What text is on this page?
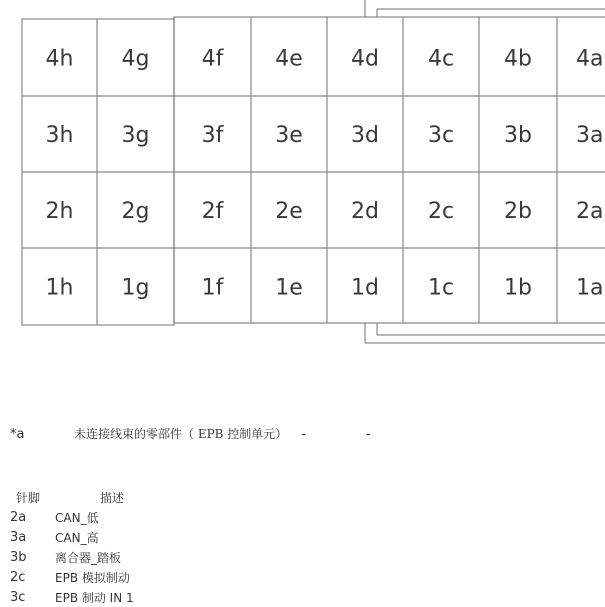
4h 4g 4f 4e 4d 4c 4b 4a
3h 3g 3f 3e 3d 3c 3b 3a
2h 2g 2f 2e 2d 2c 2b 2a
1h 1g 1f 1e 1d 1c 1b 1a
*a	未连接线束的零部件（ EPB 控制单元） -	-
针脚	描述
2a	CAN_低
3a	CAN_高
3b	离合器_踏板
2c	EPB 模拟制动
3c	EPB 制动 IN 1
